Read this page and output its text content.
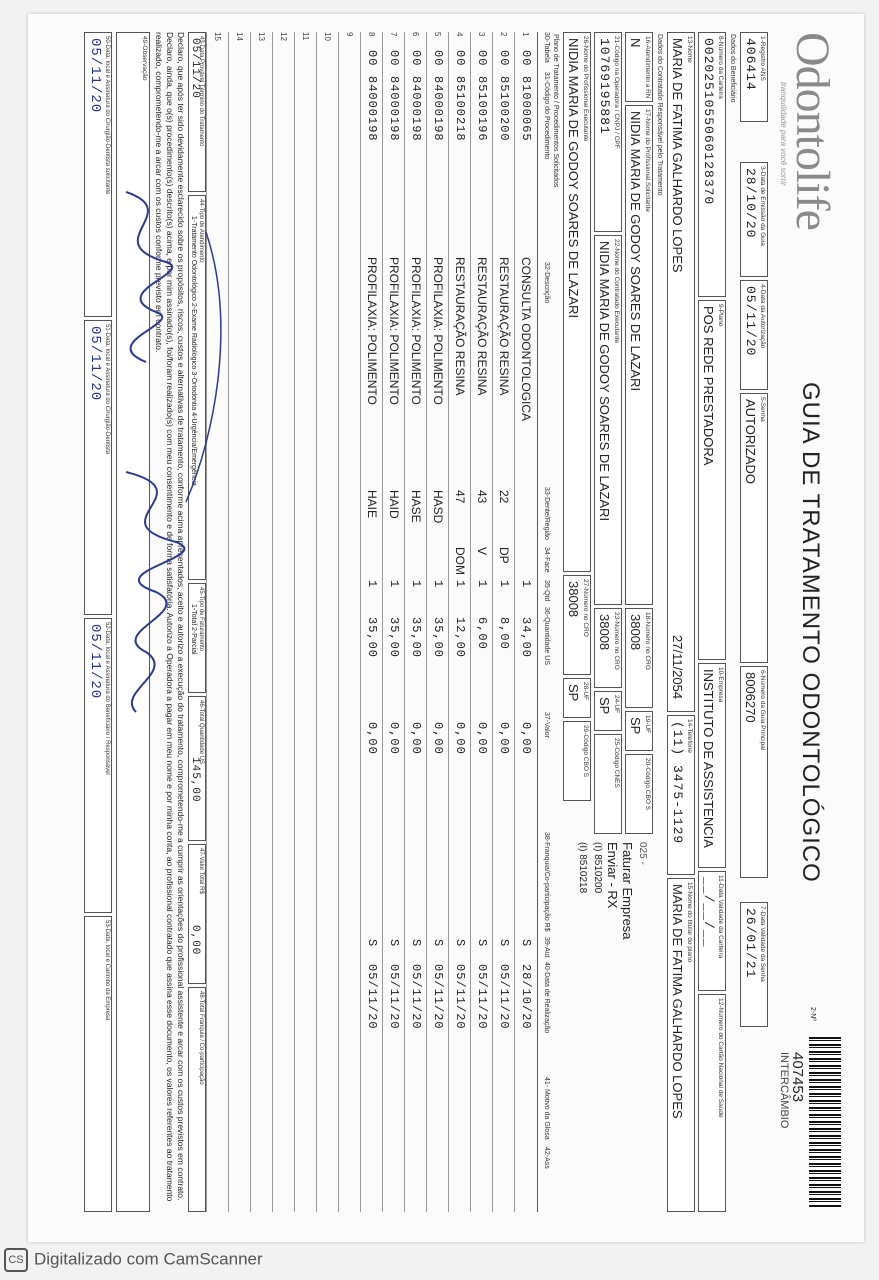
Odontolife
tranquilidade para você sorrir
GUIA DE TRATAMENTO ODONTOLÓGICO
2-Nº
407453
INTERCÂMBIO
1-Registro ANS
406414
3-Data de Emissão da Guia
28/10/20
4-Data da Autorização
05/11/20
5-Senha
AUTORIZADO
6-Número da Guia Principal
8006270
7-Data Validade da Senha
26/01/21
Dados do Beneficiário
8-Número da Carteira
0020251055060128370
9-Plano
POS REDE PRESTADORA
10-Empresa
INSTITUTO DE ASSISTENCIA
11-Data Validade da Carteira
__/__/__
12-Número do Cartão Nacional de Saúde
13-Nome
MARIA DE FATIMA GALHARDO LOPES
27/11/2054
14-Telefone
(11) 3475-1129
15-Nome do titular do plano
MARIA DE FATIMA GALHARDO LOPES
Dados do Contratado Responsável pelo Tratamento
16-Atendimento a RN
N
17-Nome do Profissional Solicitante
NIDIA MARIA DE GODOY SOARES DE LAZARI
18-Número no CRO
38008
19-UF
SP
20-Código CBO S
21-Código na Operadora / CNPJ / CPF
10769195881
22-Nome do Contratado Executante
NIDIA MARIA DE GODOY SOARES DE LAZARI
23-Número no CRO
38008
24-UF
SP
25-Código CNES
26-Nome do Profissional Executante
NIDIA MARIA DE GODOY SOARES DE LAZARI
27-Número no CRO
38008
28-UF
SP
29-Código CBO S
025 -
Faturar Empresa
Enviar - RX
(I) 8510200
(I) 8510218
Plano de Tratamento / Procedimentos Solicitados
30-Tabela
31-Código do Procedimento
32-Descrição
33-Dente/Região
34-Face
35-Qtd
36-Quantidade US
37-Valor
38-Franquia/Co-participação R$
39-Aut
40-Data de Realização
41- Motivo da Glosa
42-Ass
1
00
81000065
CONSULTA ODONTOLOGICA
1
34,00
0,00
S
28/10/20
2
00
85100200
RESTAURAÇÃO RESINA
22
DP
1
8,00
0,00
S
05/11/20
3
00
85100196
RESTAURAÇÃO RESINA
43
V
1
6,00
0,00
S
05/11/20
4
00
85100218
RESTAURAÇÃO RESINA
47
DOM
1
12,00
0,00
S
05/11/20
5
00
84000198
PROFILAXIA: POLIMENTO
HASD
1
35,00
0,00
S
05/11/20
6
00
84000198
PROFILAXIA: POLIMENTO
HASE
1
35,00
0,00
S
05/11/20
7
00
84000198
PROFILAXIA: POLIMENTO
HAID
1
35,00
0,00
S
05/11/20
8
00
84000198
PROFILAXIA: POLIMENTO
HAIE
1
35,00
0,00
S
05/11/20
9
10
11
12
13
14
15
43-Data Provável Término do Tratamento
05/11/20
44-Tipo de Atendimento
1-Tratamento Odontológico 2-Exame Radiológico 3-Ortodontia 4-Urgência/Emergência
45-Tipo de Faturamento
1-Total 2-Parcial
46-Total Quantidade US
145,00
47-Valor Total R$
0,00
48-Total Franquia / Co-participação
Declaro, que após ter sido devidamente esclarecido sobre os propósitos, riscos, custos e alternativas de tratamento, conforme acima apresentados, aceito e autorizo a execução do tratamento, comprometendo-me a cumprir as orientações do profissional assistente e arcar com os custos previstos em contrato. Declaro, ainda, que o(s) procedimento(s) descrito(s) acima, e por mim assinado(s), foi/foram realizado(s) com meu consentimento e de forma satisfatória. Autorizo a Operadora a pagar em meu nome e por minha conta, ao profissional contratado que assina esse documento, os valores referentes ao tratamento realizado, comprometendo-me a arcar com os custos conforme previsto em contrato.
49-Observação
50-Data, local e Assinatura do Cirurgião-Dentista solicitante
05/11/20
51-Data, local e Assinatura do Cirurgião-Dentista
05/11/20
52-Data, local e Assinatura do Beneficiário / Responsável
05/11/20
53-Data, local e Carimbo da Empresa
CS Digitalizado com CamScanner
